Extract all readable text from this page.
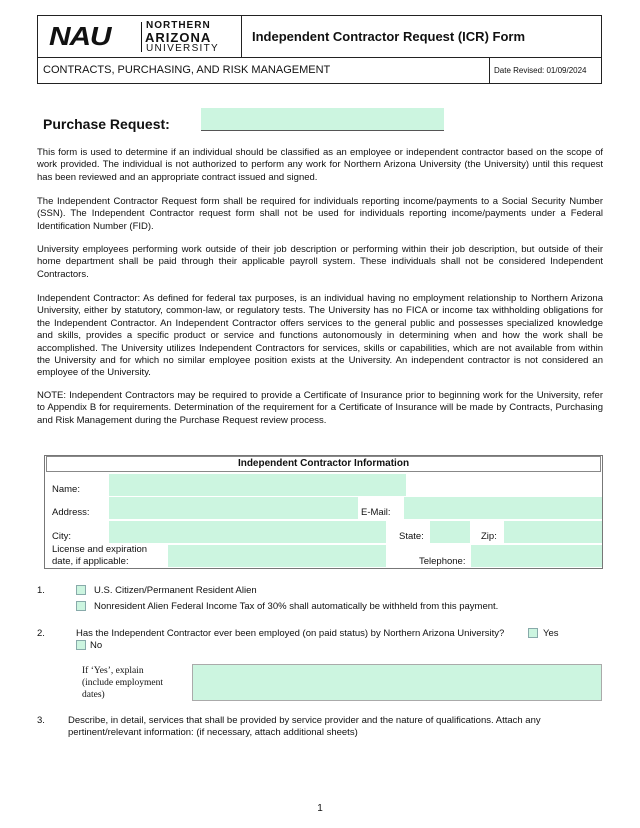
NAU	NORTHERN
ARIZONA
UNIVERSITY
Independent Contractor Request (ICR) Form
CONTRACTS, PURCHASING, AND RISK MANAGEMENT	Date Revised: 01/09/2024
Purchase Request:

This form is used to determine if an individual should be classified as an employee or independent contractor based on the scope of work provided. The individual is not authorized to perform any work for Northern Arizona University (the University) until this request has been reviewed and an appropriate contract issued and signed.

The Independent Contractor Request form shall be required for individuals reporting income/payments to a Social Security Number (SSN). The Independent Contractor request form shall not be used for individuals reporting income/payments under a Federal Identification Number (FID).

University employees performing work outside of their job description or performing within their job description, but outside of their home department shall be paid through their applicable payroll system. These individuals shall not be considered Independent Contractors.

Independent Contractor: As defined for federal tax purposes, is an individual having no employment relationship to Northern Arizona University, either by statutory, common-law, or regulatory tests. The University has no FICA or income tax withholding obligations for the Independent Contractor. An Independent Contractor offers services to the general public and possesses specialized knowledge and skills, provides a specific product or service and functions autonomously in determining when and how the work shall be accomplished. The University utilizes Independent Contractors for services, skills or capabilities, which are not available from within the University and for which no similar employee position exists at the University. An independent contractor is not considered an employee of the University.

NOTE: Independent Contractors may be required to provide a Certificate of Insurance prior to beginning work for the University, refer to Appendix B for requirements. Determination of the requirement for a Certificate of Insurance will be made by Contracts, Purchasing and Risk Management during the Purchase Request review process.

Independent Contractor Information
Name:
Address:	E-Mail:
City:	State:	Zip:
License and expiration
date, if applicable:	Telephone:
1.	U.S. Citizen/Permanent Resident Alien
Nonresident Alien Federal Income Tax of 30% shall automatically be withheld from this payment.
2.	Has the Independent Contractor ever been employed (on paid status) by Northern Arizona University?	Yes
No
If ‘Yes’, explain
(include employment
dates)
3. Describe, in detail, services that shall be provided by service provider and the nature of qualifications. Attach any
pertinent/relevant information: (if necessary, attach additional sheets)
1
